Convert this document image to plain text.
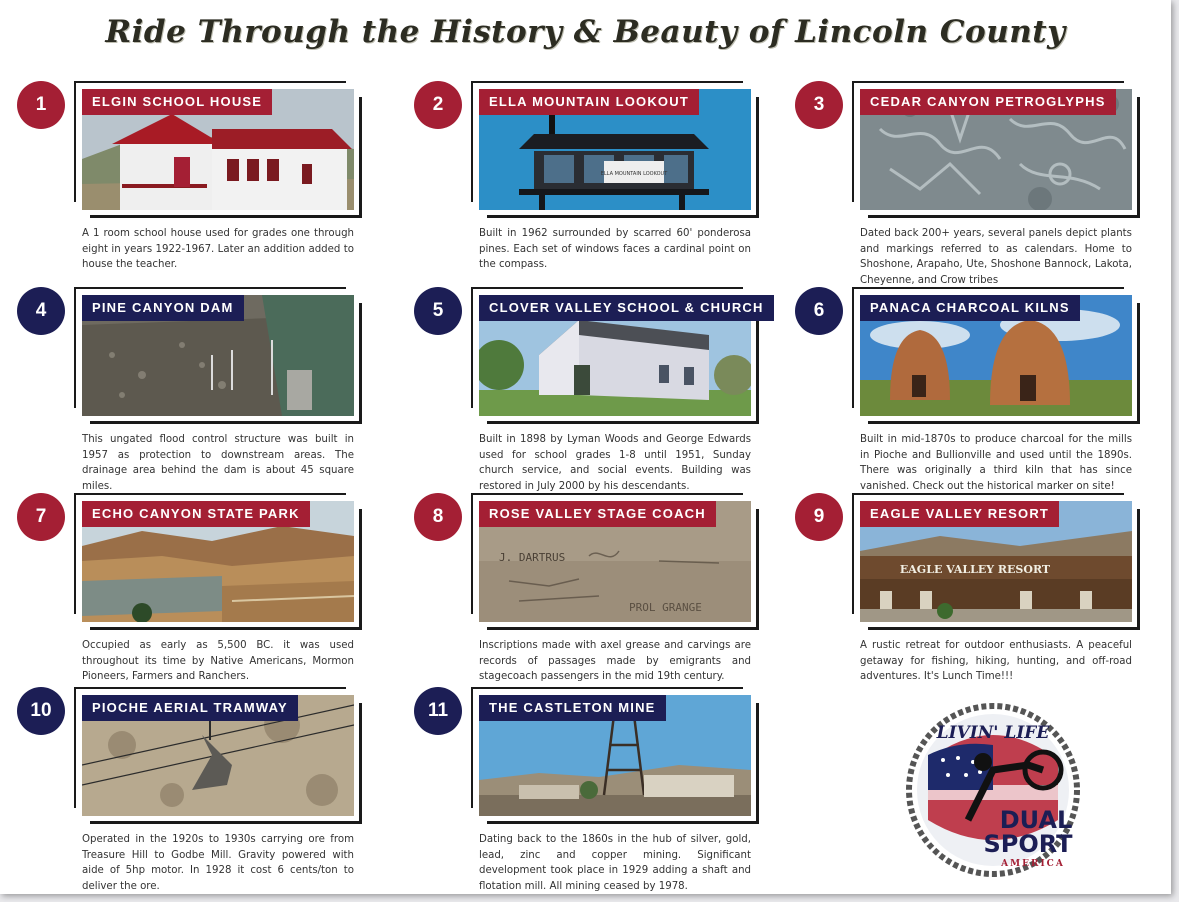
Ride Through the History & Beauty of Lincoln County
1	ELGIN SCHOOL HOUSE
A 1 room school house used for grades one through eight in years 1922-1967. Later an addition added to house the teacher.
2
ELLA MOUNTAIN LOOKOUT
ELLA MOUNTAIN LOOKOUT
Built in 1962 surrounded by scarred 60' ponderosa pines. Each set of windows faces a cardinal point on the compass.
3	CEDAR CANYON PETROGLYPHS
Dated back 200+ years, several panels depict plants and markings referred to as calendars. Home to Shoshone, Arapaho, Ute, Shoshone Bannock, Lakota, Cheyenne, and Crow tribes
4	PINE CANYON DAM
This ungated flood control structure was built in 1957 as protection to downstream areas. The drainage area behind the dam is about 45 square miles.
5	CLOVER VALLEY SCHOOL & CHURCH
Built in 1898 by Lyman Woods and George Edwards used for school grades 1-8 until 1951, Sunday church service, and social events. Building was restored in July 2000 by his descendants.
6	PANACA CHARCOAL KILNS
Built in mid-1870s to produce charcoal for the mills in Pioche and Bullionville and used until the 1890s. There was originally a third kiln that has since vanished. Check out the historical marker on site!
7	ECHO CANYON STATE PARK
Occupied as early as 5,500 BC. it was used throughout its time by Native Americans, Mormon Pioneers, Farmers and Ranchers.
8
J. DARTRUS
PROL GRANGE
ROSE VALLEY STAGE COACH
Inscriptions made with axel grease and carvings are records of passages made by emigrants and stagecoach passengers in the mid 19th century.
9
EAGLE VALLEY RESORT
EAGLE VALLEY RESORT
A rustic retreat for outdoor enthusiasts. A peaceful getaway for fishing, hiking, hunting, and off-road adventures. It's Lunch Time!!!
10	PIOCHE AERIAL TRAMWAY
Operated in the 1920s to 1930s carrying ore from Treasure Hill to Godbe Mill. Gravity powered with aide of 5hp motor. In 1928 it cost 6 cents/ton to deliver the ore.
11	THE CASTLETON MINE
Dating back to the 1860s in the hub of silver, gold, lead, zinc and copper mining. Significant development took place in 1929 adding a shaft and flotation mill. All mining ceased by 1978.
LIVIN' LIFE
DUAL
SPORT
AMERICA
